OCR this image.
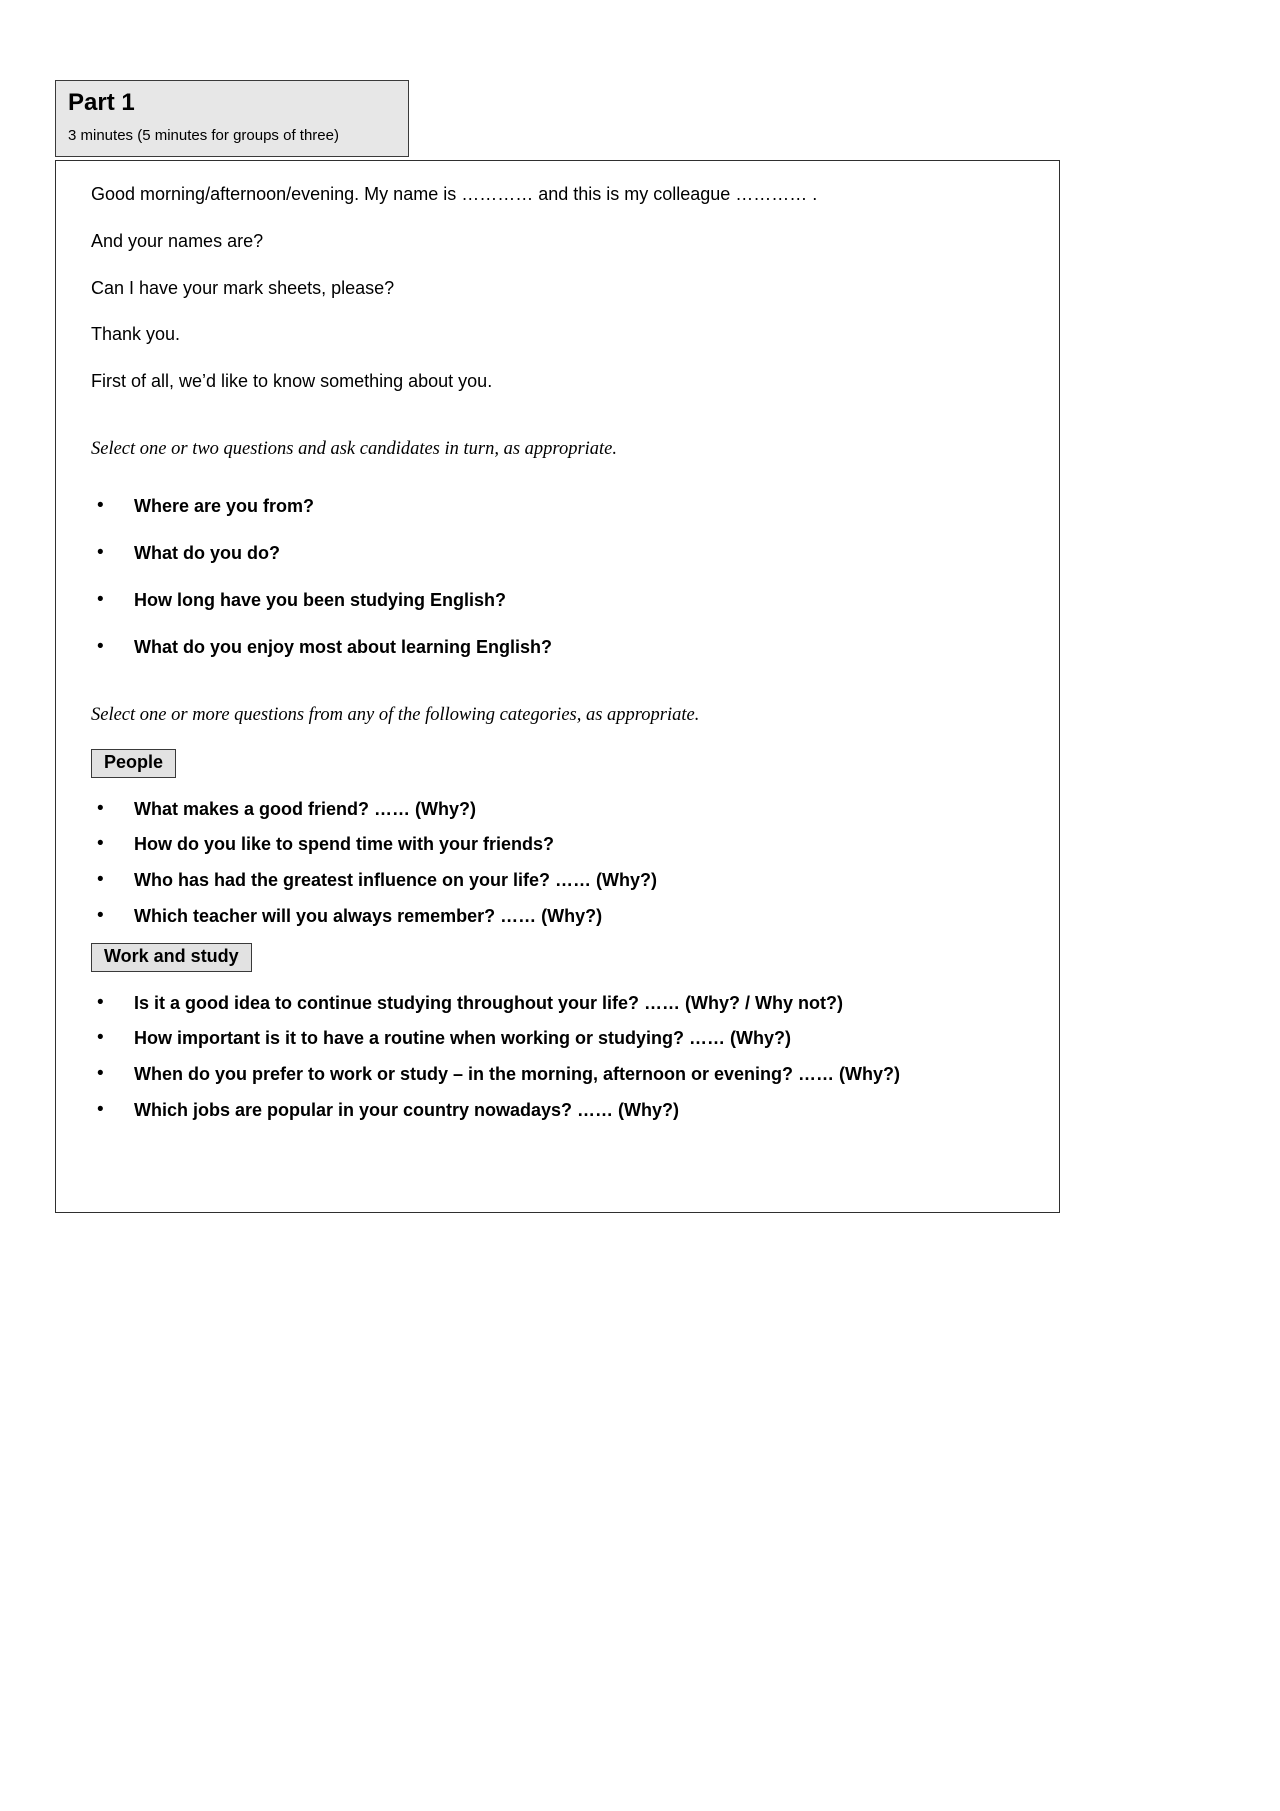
Part 1
3 minutes (5 minutes for groups of three)
Good morning/afternoon/evening. My name is ………… and this is my colleague ………… .
And your names are?
Can I have your mark sheets, please?
Thank you.
First of all, we’d like to know something about you.
Select one or two questions and ask candidates in turn, as appropriate.
• Where are you from?
• What do you do?
• How long have you been studying English?
• What do you enjoy most about learning English?
Select one or more questions from any of the following categories, as appropriate.
People
• What makes a good friend? …… (Why?)
• How do you like to spend time with your friends?
• Who has had the greatest influence on your life? …… (Why?)
• Which teacher will you always remember? …… (Why?)
Work and study
• Is it a good idea to continue studying throughout your life? …… (Why? / Why not?)
• How important is it to have a routine when working or studying? …… (Why?)
• When do you prefer to work or study – in the morning, afternoon or evening? …… (Why?)
• Which jobs are popular in your country nowadays? …… (Why?)
